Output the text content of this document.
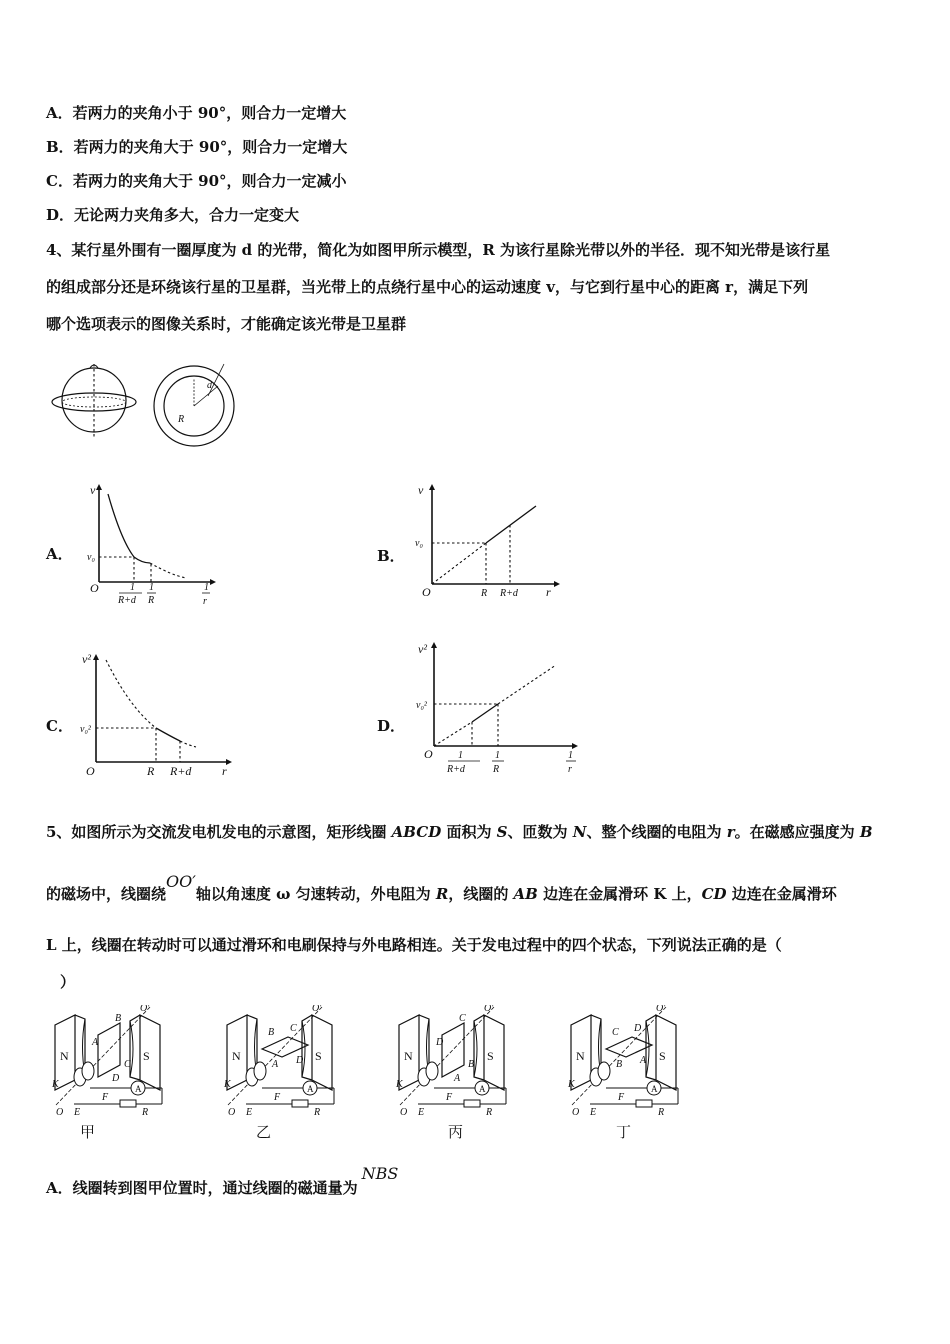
A．若两力的夹角小于 90°，则合力一定增大
B．若两力的夹角大于 90°，则合力一定增大
C．若两力的夹角大于 90°，则合力一定减小
D．无论两力夹角多大，合力一定变大
4、某行星外围有一圈厚度为 d 的光带，简化为如图甲所示模型，R 为该行星除光带以外的半径．现不知光带是该行星
的组成部分还是环绕该行星的卫星群，当光带上的点绕行星中心的运动速度 v，与它到行星中心的距离 r，满足下列
哪个选项表示的图像关系时，才能确定该光带是卫星群
R
d
A．
v
v₀
O	1
R+d
1
R
1
r
B．
v
v₀
O	R R+d r
C．
v²
v₀²
O	R R+d	r
D．
v²
v₀²
O	1
R+d
1
R
1
r
5、如图所示为交流发电机发电的示意图，矩形线圈 ABCD 面积为 S、匝数为 N、整个线圈的电阻为 r。在磁感应强度为 B
的磁场中，线圈绕OO′轴以角速度 ω 匀速转动，外电阻为 R，线圈的 AB 边连在金属滑环 K 上，CD 边连在金属滑环
L 上，线圈在转动时可以通过滑环和电刷保持与外电路相连。关于发电过程中的四个状态，下列说法正确的是（
）
B
A
C
D
B
A
C
D
C
D
B
A
C
B
D
A
甲	乙	丙	丁
A．线圈转到图甲位置时，通过线圈的磁通量为NBS
